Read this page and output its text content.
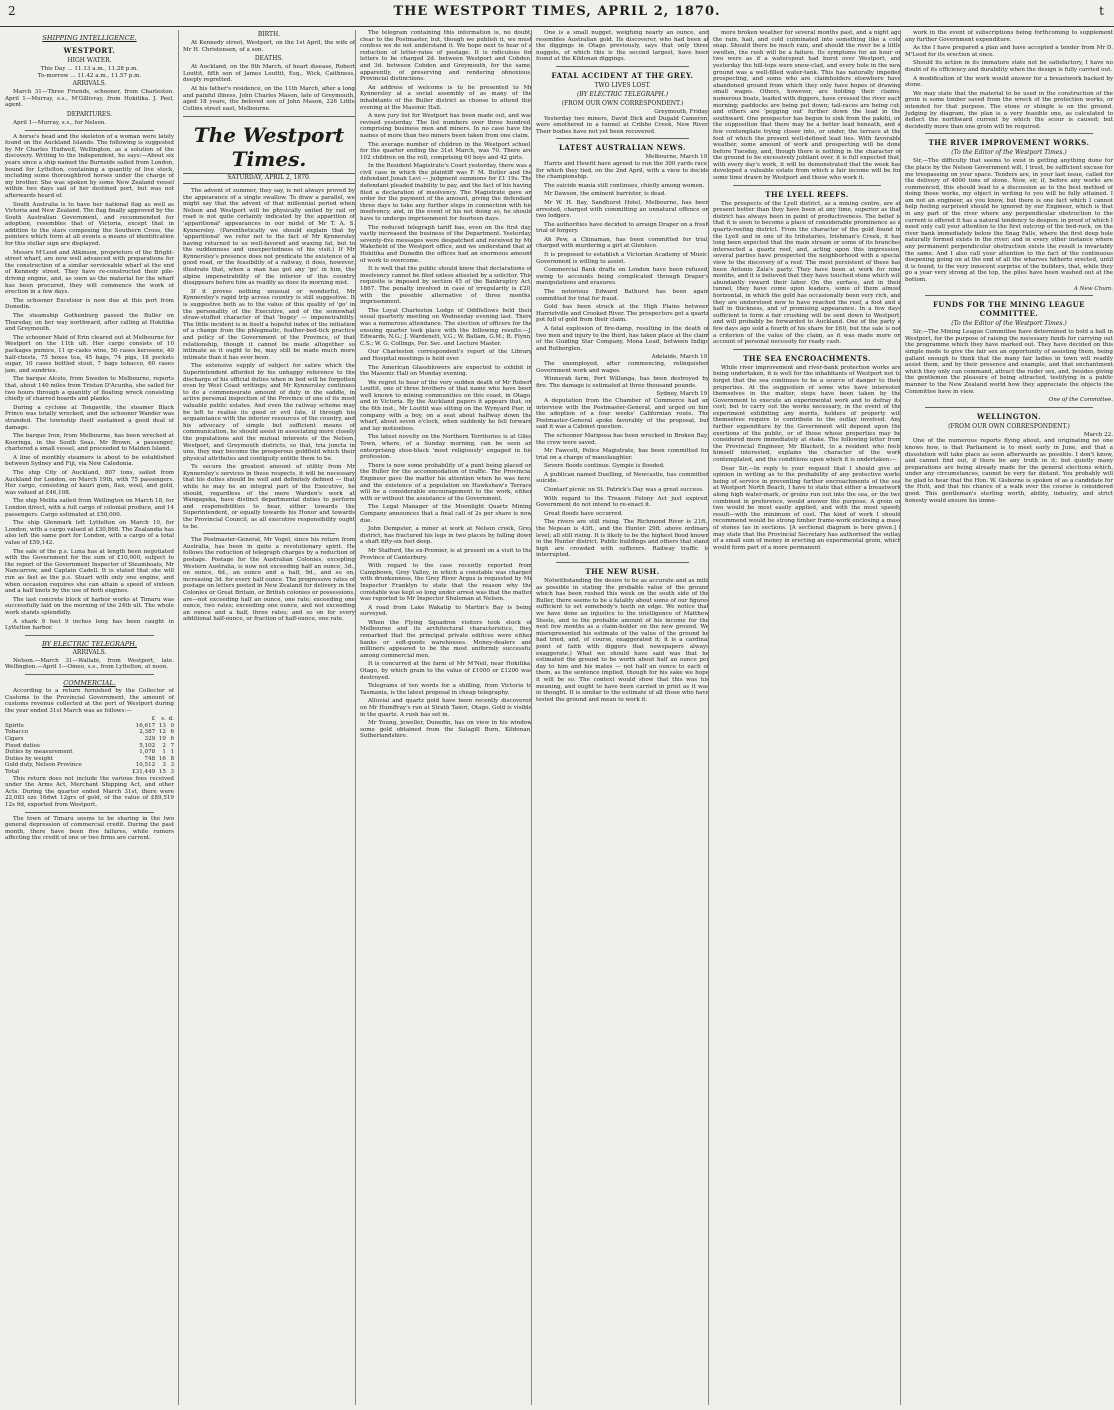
2	THE WESTPORT TIMES, APRIL 2, 1870.	t
SHIPPING INTELLIGENCE.
WESTPORT.
HIGH WATER.
This Day ... 11.13 a.m., 11.28 p.m.
To-morrow ... 11.42 a.m., 11.57 p.m.
ARRIVALS.

March 31—Three Friends, schooner, from Charleston. April 1—Murray, s.s., M'Gillivray, from Hokitika. J. Peel, agent.

DEPARTURES.

April 1—Murray, s.s., for Nelson.

A horse's head and the skeleton of a woman were lately found on the Auckland Islands. The following is suggested by Mr Charles Hudwell, Wellington, as a solution of the discovery. Writing to the Independent, he says:—About six years since a ship named the Burnside sailed from London, bound for Lyttelton, containing a quantity of live stock, including some thoroughbred horses under the charge of my brother. She was spoken by some New Zealand vessel within two days sail of her destined port, but was not afterwards heard of.

South Australia is to have her national flag as well as Victoria and New Zealand. The flag finally approved by the South Australian Government, and recommended for adoption, resembles that of Victoria, except that in addition to the stars composing the Southern Cross, the pointers which form at all events a means of identification for this stellar sign are displayed.

Messrs M'Leod and Atkinson, proprietors of the Bright-street wharf, are now well advanced with preparations for the construction of a similar serviceable wharf at the end of Kennedy street. They have re-constructed their pile-driving engine, and, as soon as the material for the wharf has been procured, they will commence the work of erection in a few days.

The schooner Excelsior is now due at this port from Dunedin.

The steamship Gothenburg passed the Buller on Thursday, on her way northward, after calling at Hokitika and Greymouth.

The schooner Maid of Erin cleared out at Melbourne for Westport on the 11th ult. Her cargo consists of 10 packages pumice, 11 qr-casks wine, 50 cases kerosene, 40 half-chests, 75 boxes tea, 45 bags, 74 pigs, 18 pockets sugar, 10 cases bottled stout, 7 bags tobacco, 60 cases jam, and sundries.

The barque Alcolo, from Sweden to Melbourne, reports that, about 140 miles from Tristan D'Acunha, she sailed for two hours through a quantity of floating wreck consisting chiefly of charred boards and planks.

During a cyclone at Tongaville, the steamer Black Prince was totally wrecked, and the schooner Wander was stranded. The township itself sustained a good deal of damage.

The barque Iron, from Melbourne, has been wrecked at Kooringa, in the South Seas. Mr Brown, a passenger, chartered a small vessel, and proceeded to Malden Island.

A line of monthly steamers is about to be established between Sydney and Fiji, via New Caledonia.

The ship City of Auckland, 807 tons, sailed from Auckland for London, on March 19th, with 75 passengers. Her cargo, consisting of kauri gum, flax, wool, and gold, was valued at £46,108.

The ship Melita sailed from Wellington on March 18, for London direct, with a full cargo of colonial produce, and 14 passengers. Cargo estimated at £50,000.

The ship Glenmark left Lyttelton on March 10, for London, with a cargo valued at £30,868. The Zealandia has also left the same port for London, with a cargo of a total value of £59,142.

The sale of the p.s. Luna has at length been negotiated with the Government for the sum of £10,000, subject to the report of the Government Inspector of Steamboats, Mr Nancarrow, and Captain Cadell. It is stated that she will run as fast as the p.s. Stuart with only one engine, and when occasion requires she can attain a speed of sixteen and a half knots by the use of both engines.

The last concrete block of harbor works at Timaru was successfully laid on the morning of the 24th ult. The whole work stands splendidly.

A shark 9 feet 9 inches long has been caught in Lyttelton harbor.

BY ELECTRIC TELEGRAPH.
ARRIVALS.

Nelson.—March 31—Wallabi, from Westport, late. Wellington.—April 1—Omeo, s.s., from Lyttelton, at noon.

COMMERCIAL.

According to a return furnished by the Collector of Customs to the Provincial Government, the amount of customs revenue collected at the port of Westport during the year ended 31st March was as follows:—

	£	s.	d.
Spirits	16,617	13	0
Tobacco	2,387	12	6
Cigars	329	19	6
Fixed duties	5,102	2	7
Duties by measurement	1,078	1	1
Duties by weight	748	16	8
Gold duty, Nelson Province	10,512	3	3
Total	£31,449	15	3

This return does not include the various fees received under the Arms Act, Merchant Shipping Act, and other Acts. During the quarter ended March 31st, there were 22,083 ozs 16dwt 12grs of gold, of the value of £89,519 12s 9d, exported from Westport.

The town of Timaru seems to be sharing in the two general depression of commercial credit. During the past month, there have been five failures, while rumors affecting the credit of one or two firms are current.

BIRTH.

At Kennedy street, Westport, on the 1st April, the wife of Mr H. Christensen, of a son.

DEATHS.

At Auckland, on the 8th March, of heart disease, Robert Louttit, fifth son of James Louttit, Esq., Wick, Caithness, deeply regretted.

At his father's residence, on the 11th March, after a long and painful illness, John Charles Mason, late of Greymouth, aged 18 years, the beloved son of John Mason, 226 Little Collins street east, Melbourne.

The Westport Times.
SATURDAY, APRIL 2, 1870.

The advent of summer, they say, is not always proved by the appearance of a single swallow. To draw a parallel, we might say that the advent of that millennial period when Nelson and Westport will be physically united by rail or road is not quite certainly indicated by the apparition of 'apparitional' appearances in our midst of Mr T. A. S. Kynnersley. (Parenthetically we should explain that by 'apparitional' we refer not to the fact of Mr Kynnersley having returned to us well-favored and waxing fat, but to the suddenness and unexpectedness of his visit.) If Mr Kynnersley's presence does not predicate the existence of a good road, or the feasibility of a railway, it does, however, illustrate that, when a man has got any 'go' in him, the alpine impenetrability of the interior of this country disappears before him as readily as does its morning mist.

If it proves nothing unusual or wonderful, Mr Kynnersley's rapid trip across country is still suggestive. It is suggestive both as to the value of this quality of 'go' in the personality of the Executive, and of the somewhat straw-stuffed character of that 'bogey' — impenetrability. The little incident is in itself a hopeful index of the initiation of a change from the phlegmatic, feather-bed-tick practice and policy of the Government of the Province, of that relationship, though it cannot be made altogether so intimate as it ought to be, may still be made much more intimate than it has ever been.

The extensive supply of subject for satire which the Superintendent afforded by his unhappy reference to the discharge of his official duties when in bed will be forgotten even by West Coast writings; and Mr Kynnersley continues to do a commensurate amount of duty in the saddle, in active personal inspection of the Province of one of its most valuable public estates. And even the railway scheme may be left to realise its good or evil fate, if through his acquaintance with the interior resources of the country, and his advocacy of simple but sufficient means of communication, he should assist in associating more closely the populations and the mutual interests of the Nelson, Westport, and Greymouth districts, so that, tria juncta in uno, they may become the prosperous goldfield which their physical attributes and contiguity entitle them to be.

To secure the greatest amount of utility from Mr Kynnersley's services in these respects, it will be necessary that his duties should be well and definitely defined — that while he may be an integral part of the Executive, he should, regardless of the mere Warden's work at Wangapeka, have distinct departmental duties to perform and responsibilities to bear, either towards the Superintendent, or equally towards his Honor and towards the Provincial Council, as all executive responsibility ought to be.

The Postmaster-General, Mr Vogel, since his return from Australia, has been in quite a revolutionary spirit. He follows the reduction of telegraph charges by a reduction of postage. Postage for the Australian Colonies, excepting Western Australia, is now not exceeding half an ounce, 3d., on ounce, 6d., an ounce and a half, 9d., and so on, increasing 3d. for every half ounce. The progressive rates of postage on letters posted in New Zealand for delivery in the Colonies or Great Britain, or British colonies or possessions, are—not exceeding half an ounce, one rate; exceeding one ounce, two rates; exceeding one ounce, and not exceeding an ounce and a half, three rates; and so on for every additional half-ounce, or fraction of half-ounce, one rate.

The telegram containing this information is, no doubt, clear to the Postmaster, but, though we publish it, we must confess we do not understand it. We hope next to hear of a reduction of letter-rates of postage. It is ridiculous for letters to be charged 2d. between Westport and Cobden, and 3d. between Cobden and Greymouth, for the same, apparently, of preserving and rendering obnoxious, Provincial distinctions.

An address of welcome is to be presented to Mr Kynnersley at a social assembly of as many of the inhabitants of the Buller district as choose to attend this evening at the Masonic Hall.

A new jury list for Westport has been made out, and was revised yesterday. The list numbers over three hundred, comprising business men and miners. In no case have the names of more than two miners been taken from one claim.

The average number of children in the Westport school, for the quarter ending the 31st March, was 70. There are 102 children on the roll, comprising 60 boys and 42 girls.

In the Resident Magistrate's Court yesterday, there was a civil case in which the plaintiff was F. M. Butler and the defendant Jonah Levi — judgment summons for £1 19s. The defendant pleaded inability to pay, and the fact of his having filed a declaration of insolvency. The Magistrate gave an order for the payment of the amount, giving the defendant three days to take any further steps in connection with his insolvency, and, in the event of his not doing so, he should have to undergo imprisonment for fourteen days.

The reduced telegraph tariff has, even on the first day, vastly increased the business of the Department. Yesterday, seventy-five messages were despatched and received by Mr Wakefield of the Westport office, and we understand that at Hokitika and Dunedin the offices had an enormous amount of work to overcome.

It is well that the public should know that declarations of insolvency cannot be filed unless attested by a solicitor. This requisite is imposed by section 45 of the Bankruptcy Act, 1867. The penalty involved in case of irregularity is £20, with the possible alternative of three months' imprisonment.

The Loyal Charleston Lodge of Oddfellows held their usual quarterly meeting on Wednesday evening last. There was a numerous attendance. The election of officers for the ensuing quarter took place with the following results:—J. Edwards, N.G.; J. Wardenett, V.G.; W. Ballam, G.M.; B. Flynn, C.S.; W. G. Collings, Per. Sec. and Lecture Master.

Our Charleston correspondent's report of the Library and Hospital meetings is held over.

The American Glassblowers are expected to exhibit in the Masonic Hall on Monday evening.

We regret to hear of the very sudden death of Mr Robert Louttit, one of three brothers of that name who have been well known to mining communities on this coast, in Otago, and in Victoria. By the Auckland papers it appears that, on the 6th inst., Mr Louttit was sitting on the Wynyard Pier, in company with a boy, on a seat about halfway down the wharf, about seven o'clock, when suddenly he fell forward and lay motionless.

The latest novelty on the Northern Territories is at Giles Town, where, of a Sunday morning, can be seen an enterprising shoe-black 'most religiously' engaged in his profession.

There is now some probability of a punt being placed on the Buller for the accommodation of traffic. The Provincial Engineer gave the matter his attention when he was here, and the existence of a population on Hawkshaw's Terrace will be a considerable encouragement to the work, either with or without the assistance of the Government.

The Legal Manager of the Moonlight Quartz Mining Company announces that a final call of 2s per share is now due.

John Dempster, a miner at work at Nelson creek, Grey district, has fractured his legs in two places by falling down a shaft fifty-six feet deep.

Mr Stafford, the ex-Premier, is at present on a visit to the Province of Canterbury.

With regard to the case recently reported from Campbown, Grey Valley, in which a constable was charged with drunkenness, the Grey River Argus is requested by Mr Inspector Franklyn to state that the reason why the constable was kept so long under arrest was that the matter was reported to Mr Inspector Shuleman at Nelson.

A road from Lake Wakatip to Martin's Bay is being surveyed.

When the Flying Squadron visitors took stock of Melbourne and its architectural characteristics, they remarked that the principal private edifices were either banks or soft-goods warehouses. Money-dealers and milliners appeared to be the most uniformly successful among commercial men.

It is concurred at the farm of Mr M'Neil, near Hokitika, Otago, by which grain to the value of £1000 or £1200 was destroyed.

Telegrams of ten words for a shilling, from Victoria to Tasmania, is the latest proposal in cheap telegraphy.

Alluvial and quartz gold have been recently discovered on Mr Humffray's run at Strath Taieri, Otago. Gold is visible in the quartz. A rush has set in.

Mr Young, jeweller, Dunedin, has on view in his window some gold obtained from the Sulagill Burn, Kildonan, Sutherlandshire.

One is a small nugget, weighing nearly an ounce, and resembles Australian gold. Its discoverer, who had been at the diggings in Otago previously, says that only three nuggets, of which this is the second largest, have been found at the Kildonan diggings.

FATAL ACCIDENT AT THE GREY.
TWO LIVES LOST.
(BY ELECTRIC TELEGRAPH.)
(FROM OUR OWN CORRESPONDENT.)
Greymouth, Friday.

Yesterday two miners, David Dick and Dugald Cameron, were smothered in a tunnel at Cribbo Creek, New River. Their bodies have not yet been recovered.

LATEST AUSTRALIAN NEWS.
Melbourne, March 19.

Harris and Hewitt have agreed to run the 300 yards race, for which they tied, on the 2nd April, with a view to decide the championship.

The suicide mania still continues, chiefly among women.

Mr Dawson, the eminent barrister, is dead.

Mr W. H. Bay, Sandhurst Hotel, Melbourne, has been arrested, charged with committing an unnatural offence on two lodgers.

The authorities have decided to arraign Draper on a fresh trial of forgery.

Ah Pew, a Chinaman, has been committed for trial, charged with murdering a girl at Glenluce.

It is proposed to establish a Victorian Academy of Music. Government is willing to assist.

Commercial Bank drafts on London have been refused, owing to accounts being complicated through Draper's manipulations and erasures.

The notorious Edward Bathurst has been again committed for trial for fraud.

Gold has been struck at the High Plains between Harrietville and Crooked River. The prospectors got a quartz pot full of gold from their claim.

A fatal explosion of fire-damp, resulting in the death of two men and injury to the third, has taken place at the claim of the Guiding Star Company, Mona Lead, between Indigo and Rutherglen.

Adelaide, March 19.

The unemployed, after commencing, relinquished Government work and wages.

Winnerah farm, Port Willunga, has been destroyed by fire. The damage is estimated at three thousand pounds.

Sydney, March 19.

A deputation from the Chamber of Commerce had an interview with the Postmaster-General, and urged on him the adoption of a four weeks' Californian route. The Postmaster-General spoke favorably of the proposal, but said it was a Cabinet question.

The schooner Mariposa has been wrecked in Broken Bay; the crew were saved.

Mr Fawcett, Police Magistrate, has been committed for trial on a charge of manslaughter.

Severe floods continue. Gympie is flooded.

A publican named Duelling, of Newcastle, has committed suicide.

Clontarf picnic on St. Patrick's Day was a great success.

With regard to the Treason Felony Act just expired, Government do not intend to re-enact it.

Great floods have occurred.

The rivers are still rising. The Richmond River is 21ft., the Nepean is 43ft., and the Hunter 29ft. above ordinary level; all still rising. It is likely to be the highest flood known in the Hunter district. Public buildings and others that stand high are crowded with sufferers. Railway traffic is interrupted.

THE NEW RUSH.

Notwithstanding the desire to be as accurate and as mild as possible in stating the probable value of the ground which has been rushed this week on the south side of the Buller, there seems to be a fatality about some of our figures sufficient to set somebody's teeth on edge. We notice that we have done an injustice to the intelligence of Matthew Steele, and to the probable amount of his income for the next few months as a claim-holder on the new ground. We misrepresented his estimate of the value of the ground he had tried, and, of course, exaggerated it; it is a cardinal point of faith with diggers that newspapers always exaggerate.) What we should have said was that he estimated the ground to be worth about half an ounce per day to him and his mates — not half an ounce to each of them, as the sentence implied, though for his sake we hope it will be so. The context would show that this was his meaning, and ought to have been carried in print as it was in thought. It is similar to the estimate of all those who have tested the ground and mean to work it.

more broken weather for several months past, and a night ago the rain, hail, and cold culminated into something like a cold snap. Should there be much rain, and should the river be a little swollen, the rush will be a failure. Its symptoms for an hour or two were as if a waterspout had burst over Westport, and yesterday the hill-tops were snow-clad, and every hole in the new ground was a well-filled water-tank. This has naturally impeded prospecting, and some who are claimholders elsewhere have abandoned ground from which they only have hopes of drawing small wages. Others, however, are holding their claims; numerous boats, loaded with diggers, have crossed the river each morning; paddocks are being put down; tail-races are being cut; and others are 'pegging out' further down the lead in the southward. One prospector has begun to sink from the pakihi, on the supposition that there may be a better lead beneath, and a few contemplate trying closer into, or under, the terrace at the foot of which the present well-defined lead lies. With favorable weather, some amount of work and prospecting will be done before Tuesday, and, though there is nothing in the character of the ground to be excessively jubilant over, it is full expected that, with every day's work, it will be demonstrated that the week has developed a valuable estate from which a fair income will be for some time drawn by Westport and those who work it.

THE LYELL REEFS.

The prospects of the Lyell district, as a mining centre, are at present better than they have been at any time, superior as that district has always been in point of productiveness. The belief is that it is soon to become a place of considerable prominence as a quartz-reefing district. From the character of the gold found in the Lyell and in one of its tributaries, Irishman's Creek, it has long been expected that the main stream or some of its branches intersected a quartz reef, and, acting upon this impression, several parties have prospected the neighborhood with a special view to the discovery of a reef. The most persistent of these has been Antonio Zala's party. They have been at work for nine months, and it is believed that they have touched stone which will abundantly reward their labor. On the surface, and in their tunnel, they have come upon leaders, some of them almost horizontal, in which the gold has occasionally been very rich, and they are understood now to have reached the reef, a foot and a half in thickness, and of promising appearance. In a few days sufficient to form a fair crushing will be sent down to Westport, and will probably be forwarded to Auckland. One of the party a few days ago sold a fourth of his share for £60, but the sale is not a criterion of the value of the claim, as it was made more on account of personal necessity for ready cash.

THE SEA ENCROACHMENTS.

While river improvement and river-bank protection works are being undertaken, it is well for the inhabitants of Westport not to forget that the sea continues to be a source of danger to their properties. At the suggestion of some who have interested themselves in the matter, steps have been taken by the Government to execute an experimental work and to defray its cost; but to carry out the works necessary, in the event of the experiment exhibiting any merits, holders of property will themselves require to contribute to the outlay involved. Any further expenditure by the Government will depend upon the exertions of the public, or of those whose properties may be considered more immediately at stake. The following letter from the Provincial Engineer, Mr Blackett, to a resident who feels himself interested, explains the character of the work contemplated, and the conditions upon which it is undertaken:—

Dear Sir,—In reply to your request that I should give an opinion in writing as to the probability of any protective works being of service in preventing further encroachments of the sea at Westport North Beach, I have to state that either a breastwork along high water-mark, or groins run out into the sea, or the two combined in preference, would answer the purpose. A groin or two would be most easily applied, and with the most speedy result—with the minimum of cost. The kind of work I should recommend would be strong timber frame-work enclosing a mass of stones (as in sections. [A sectional diagram is here given.] I may state that the Provincial Secretary has authorised the outlay of a small sum of money in erecting an experimental groin, which would form part of a more permanent

work in the event of subscriptions being forthcoming to supplement any further Government expenditure.

As the I have prepared a plan and have accepted a tender from Mr D. M'Leod for its erection at once.

Should its action in its immature state not be satisfactory, I have no doubt of its efficiency and durability when the design is fully carried out.

A modification of the work would answer for a breastwork backed by stone.

We may state that the material to be used in the construction of the groin is some timber saved from the wreck of the protection works, or intended for that purpose. The stone or shingle is on the ground. Judging by diagram, the plan is a very feasible one, as calculated to deflect the northward current by which the scour is caused; but decidedly more than one groin will be required.

THE RIVER IMPROVEMENT WORKS.
(To the Editor of the Westport Times.)

Sir,—The difficulty that seems to exist in getting anything done for the place by the Nelson Government will, I trust, be sufficient excuse for me trespassing on your space. Tenders are, in your last issue, called for the delivery of 4000 tons of stone. Now, sir, if, before any works are commenced, this should lead to a discussion as to the best method of doing those works, my object in writing to you will be fully attained. I am not an engineer, as you know, but there is one fact which I cannot help feeling surprised should be ignored by our Engineer, which is that in any part of the river where any perpendicular obstruction to the current is offered it has a natural tendency to deepen; in proof of which I need only call your attention to the first outcrop of the bed-rock, on the river bank immediately below the Snag Falls, where the first deep hole naturally formed exists in the river; and in every other instance where any permanent perpendicular obstruction exists the result is invariably the same. And I also call your attention to the fact of the continuous deepening going on at the end of all the wharves hitherto erected, until it is found, to the very innocent surprise of the builders, that, while they go a year very strong at the top, the piles have been washed out at the bottom.

A New Chum.
FUNDS FOR THE MINING LEAGUE COMMITTEE.
(To the Editor of the Westport Times.)

Sir,—The Mining League Committee have determined to hold a ball in Westport, for the purpose of raising the necessary funds for carrying out the programme which they have marked out. They have decided on this simple mode to give the fair sex an opportunity of assisting them, being gallant enough to think that the many fair ladies in town will readily assist them, and by their presence and example, and that enchantment which they only can command, attract the ruder sex, and, besides giving the gentlemen the pleasure of being attracted, testifying in a public manner to the New Zealand world how they appreciate the objects the Committee have in view.

One of the Committee.
WELLINGTON.
(FROM OUR OWN CORRESPONDENT.)
March 22.

One of the numerous reports flying about, and originating no one knows how, is that Parliament is to meet early in June, and that a dissolution will take place as soon afterwards as possible. I don't know, and cannot find out, if there be any truth in it; but quietly many preparations are being already made for the general elections which, under any circumstances, cannot be very far distant. You probably will be glad to hear that the Hon. W. Gisborne is spoken of as a candidate for the Hutt, and that his chance of a walk over the course is considered good. This gentleman's sterling worth, ability, industry, and strict honesty would ensure his imme-
